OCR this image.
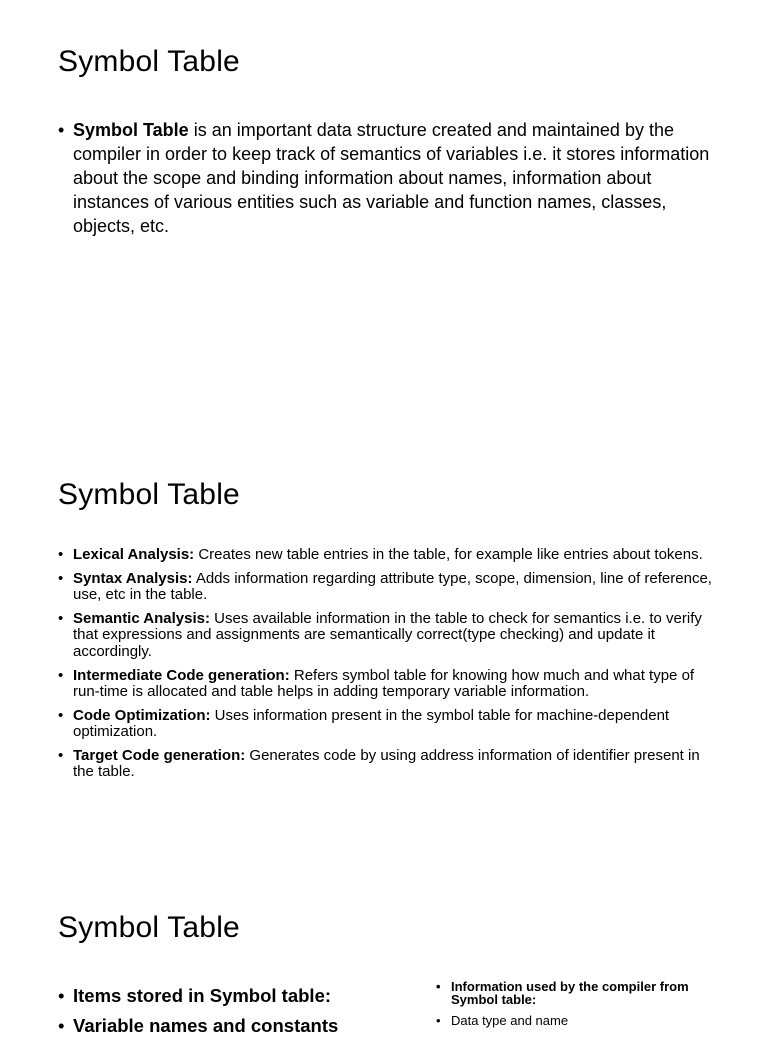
Symbol Table
• Symbol Table is an important data structure created and maintained by the compiler in order to keep track of semantics of variables i.e. it stores information about the scope and binding information about names, information about instances of various entities such as variable and function names, classes, objects, etc.
Symbol Table
• Lexical Analysis: Creates new table entries in the table, for example like entries about tokens.
• Syntax Analysis: Adds information regarding attribute type, scope, dimension, line of reference, use, etc in the table.
• Semantic Analysis: Uses available information in the table to check for semantics i.e. to verify that expressions and assignments are semantically correct(type checking) and update it accordingly.
• Intermediate Code generation: Refers symbol table for knowing how much and what type of run-time is allocated and table helps in adding temporary variable information.
• Code Optimization: Uses information present in the symbol table for machine-dependent optimization.
• Target Code generation: Generates code by using address information of identifier present in the table.
Symbol Table
• Items stored in Symbol table:
• Variable names and constants
• Information used by the compiler from Symbol table:
• Data type and name
